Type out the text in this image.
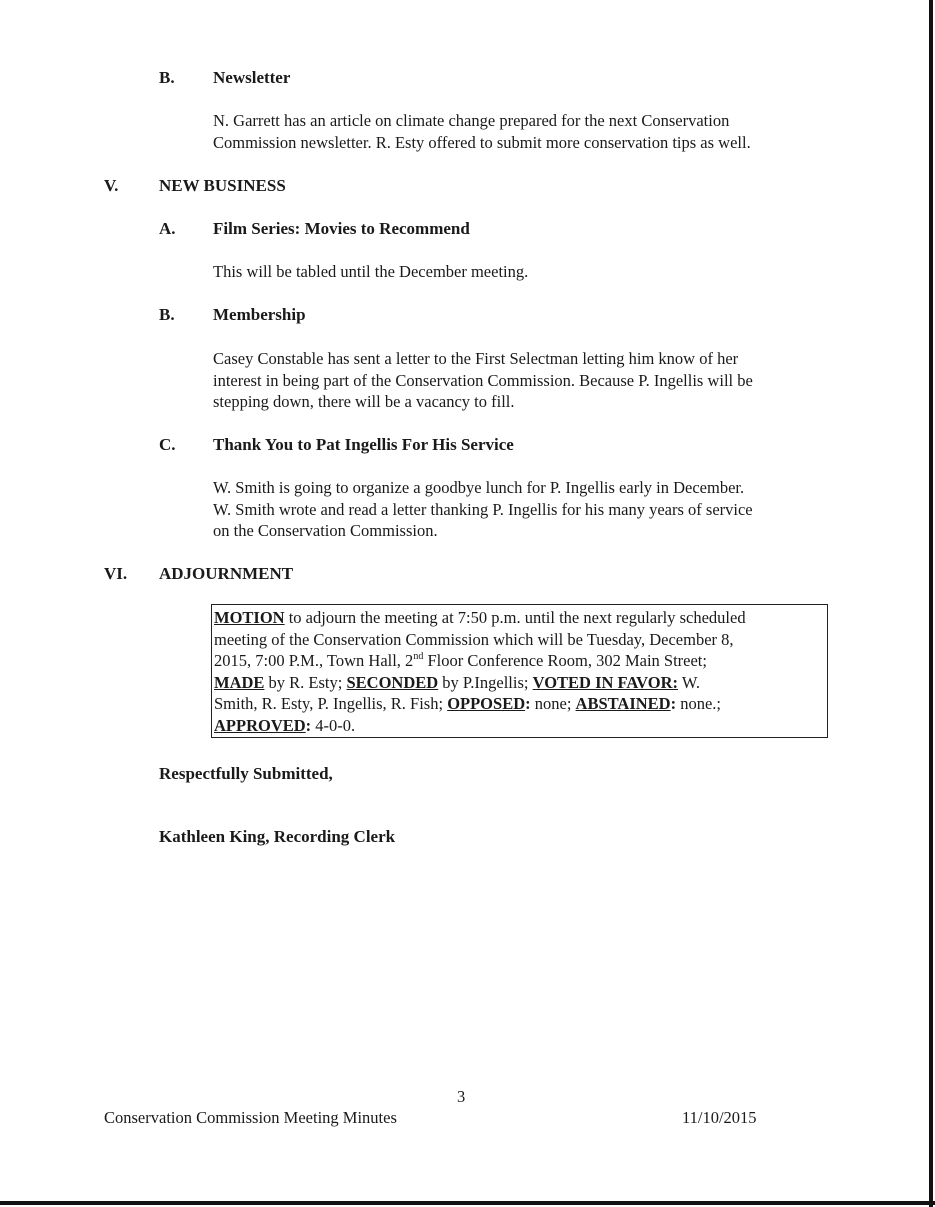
B. Newsletter

N. Garrett has an article on climate change prepared for the next Conservation

Commission newsletter. R. Esty offered to submit more conservation tips as well.

V. NEW BUSINESS
A. Film Series: Movies to Recommend

This will be tabled until the December meeting.

B. Membership

Casey Constable has sent a letter to the First Selectman letting him know of her

interest in being part of the Conservation Commission. Because P. Ingellis will be

stepping down, there will be a vacancy to fill.

C. Thank You to Pat Ingellis For His Service

W. Smith is going to organize a goodbye lunch for P. Ingellis early in December.

W. Smith wrote and read a letter thanking P. Ingellis for his many years of service

on the Conservation Commission.

VI. ADJOURNMENT
MOTION to adjourn the meeting at 7:50 p.m. until the next regularly scheduled
meeting of the Conservation Commission which will be Tuesday, December 8,
2015, 7:00 P.M., Town Hall, 2nd Floor Conference Room, 302 Main Street;
MADE by R. Esty; SECONDED by P.Ingellis; VOTED IN FAVOR: W.
Smith, R. Esty, P. Ingellis, R. Fish; OPPOSED: none; ABSTAINED: none.;
APPROVED: 4-0-0.
Respectfully Submitted,
Kathleen King, Recording Clerk
3
Conservation Commission Meeting Minutes	11/10/2015
